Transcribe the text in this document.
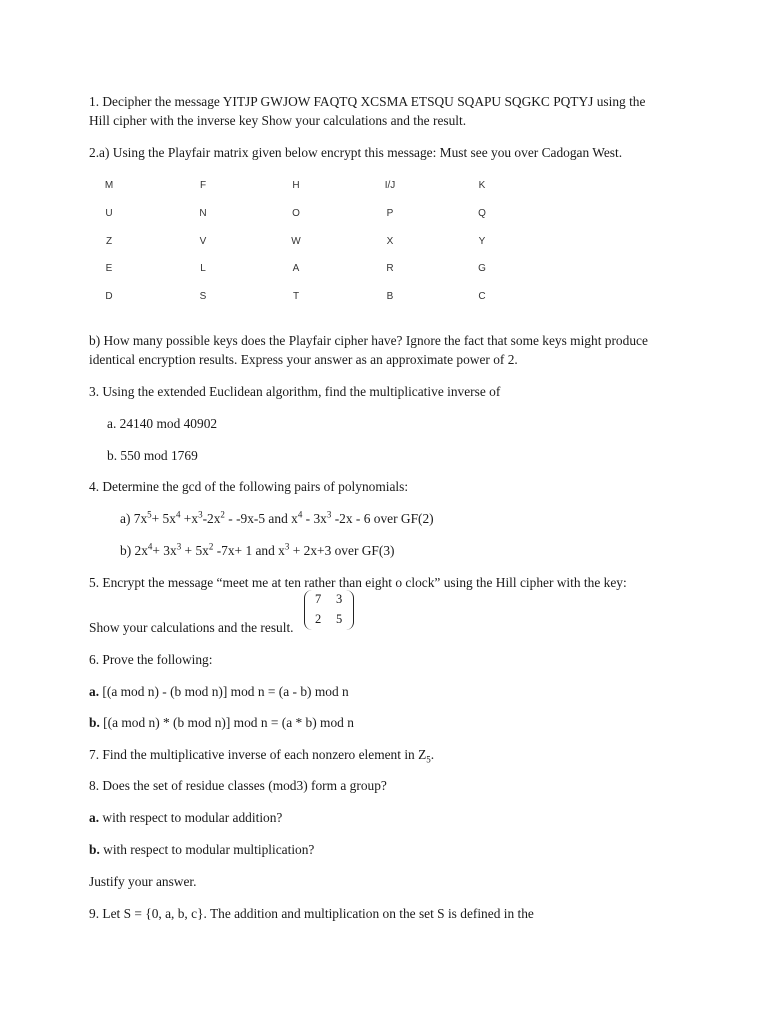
1. Decipher the message YITJP GWJOW FAQTQ XCSMA ETSQU SQAPU SQGKC PQTYJ using the
Hill cipher with the inverse key Show your calculations and the result.
2.a) Using the Playfair matrix given below encrypt this message: Must see you over Cadogan West.
M	F	H	I/J	K
U	N	O	P	Q
Z	V	W	X	Y
E	L	A	R	G
D	S	T	B	C
b) How many possible keys does the Playfair cipher have? Ignore the fact that some keys might produce
identical encryption results. Express your answer as an approximate power of 2.
3. Using the extended Euclidean algorithm, find the multiplicative inverse of
a. 24140 mod 40902
b. 550 mod 1769
4. Determine the gcd of the following pairs of polynomials:
a) $7x^5+ 5x^4 +x^3-2x^2 - -9x-5$ and $x^4 - 3x^3$ -2x - 6 over GF(2)
b) $2x^4+ 3x^3 + 5x^2$ -7x+ 1 and $x^3 + 2x+3$ over GF(3)
5. Encrypt the message “meet me at ten rather than eight o clock” using the Hill cipher with the key:
Show your calculations and the result.
7 3
2 5
6. Prove the following:
a. [(a mod n) - (b mod n)] mod n = (a - b) mod n
b. [(a mod n) * (b mod n)] mod n = (a * b) mod n
7. Find the multiplicative inverse of each nonzero element in $Z_5$.
8. Does the set of residue classes (mod3) form a group?
a. with respect to modular addition?
b. with respect to modular multiplication?
Justify your answer.
9. Let S = {0, a, b, c}. The addition and multiplication on the set S is defined in the
